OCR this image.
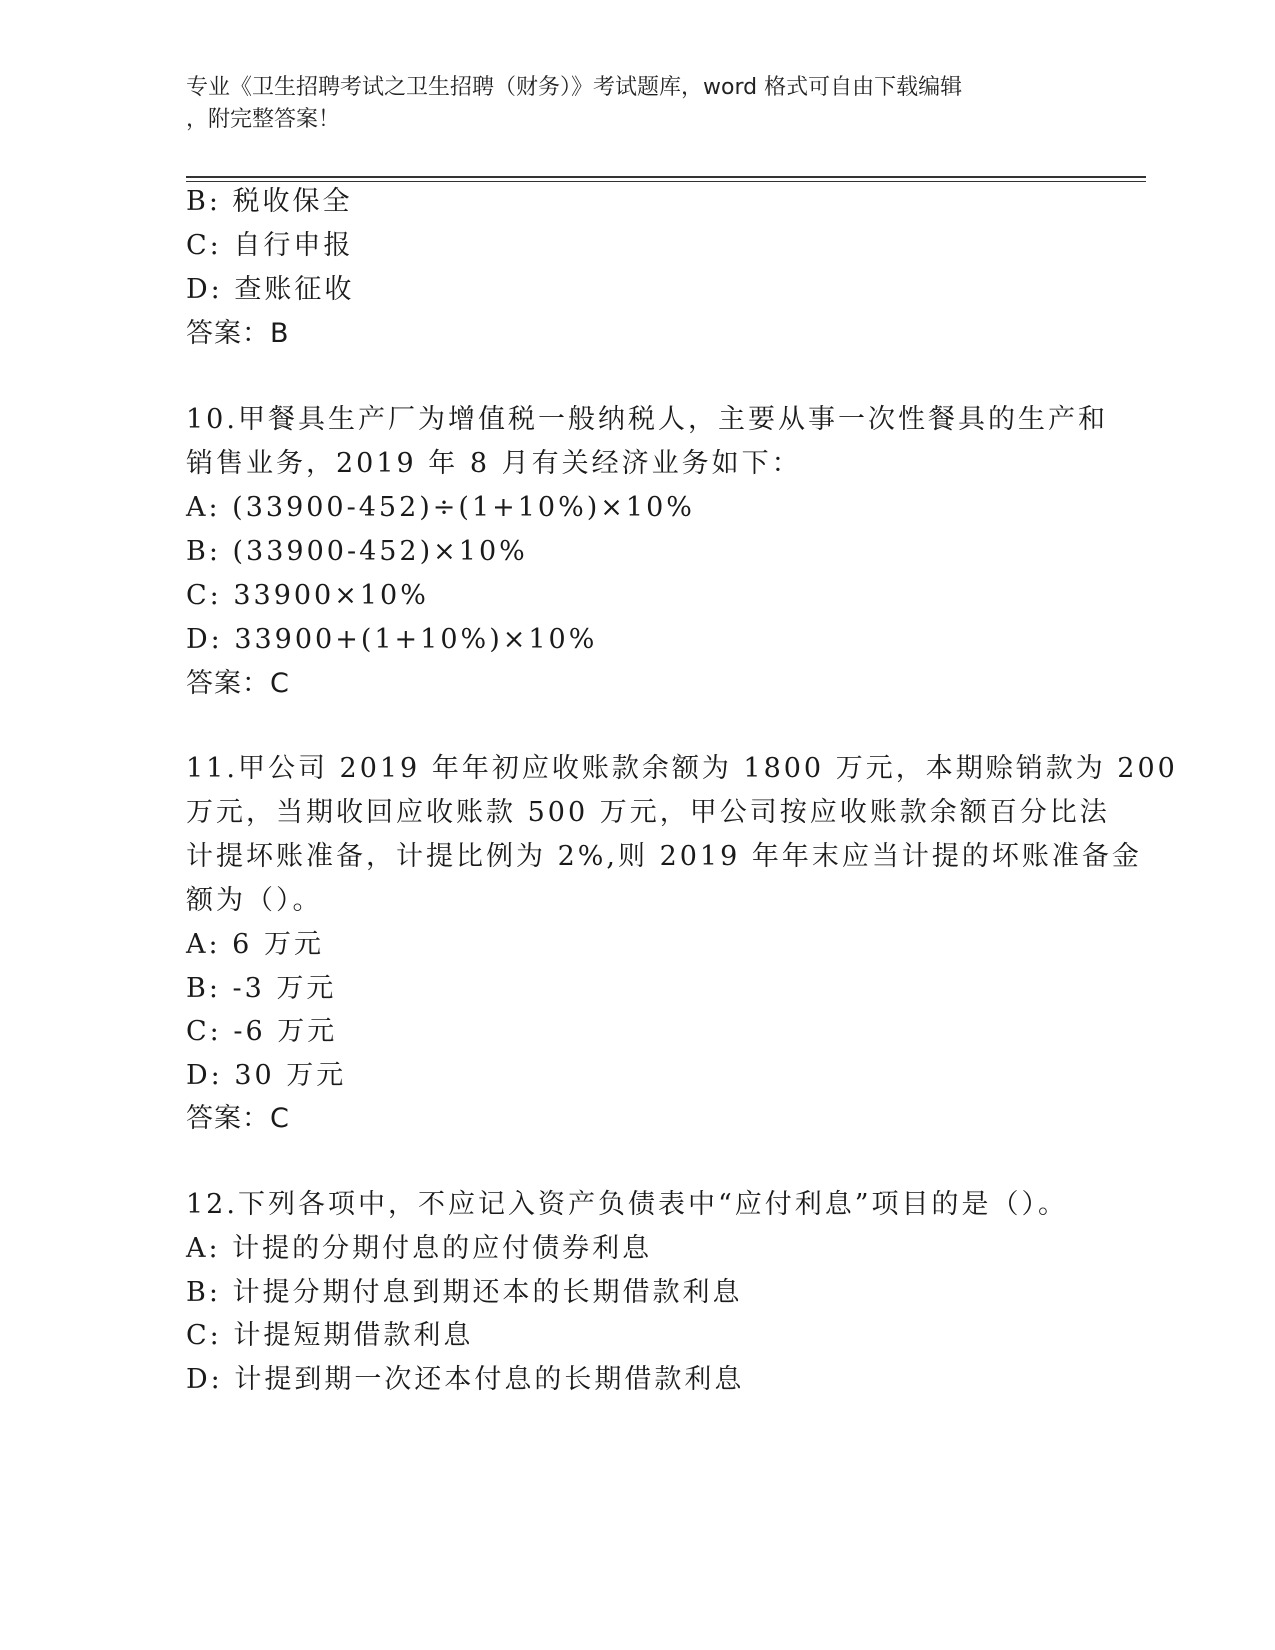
专业《卫生招聘考试之卫生招聘（财务）》考试题库，word 格式可自由下载编辑
，附完整答案！
B: 税收保全
C: 自行申报
D: 查账征收
答案：B
10.甲餐具生产厂为增值税一般纳税人，主要从事一次性餐具的生产和
销售业务，2019 年 8 月有关经济业务如下：
A: (33900-452)÷(1+10%)×10%
B: (33900-452)×10%
C: 33900×10%
D: 33900+(1+10%)×10%
答案：C
11.甲公司 2019 年年初应收账款余额为 1800 万元，本期赊销款为 200
万元，当期收回应收账款 500 万元，甲公司按应收账款余额百分比法
计提坏账准备，计提比例为 2%,则 2019 年年末应当计提的坏账准备金
额为（）。
A: 6 万元
B: -3 万元
C: -6 万元
D: 30 万元
答案：C
12.下列各项中，不应记入资产负债表中“应付利息”项目的是（）。
A: 计提的分期付息的应付债券利息
B: 计提分期付息到期还本的长期借款利息
C: 计提短期借款利息
D: 计提到期一次还本付息的长期借款利息
